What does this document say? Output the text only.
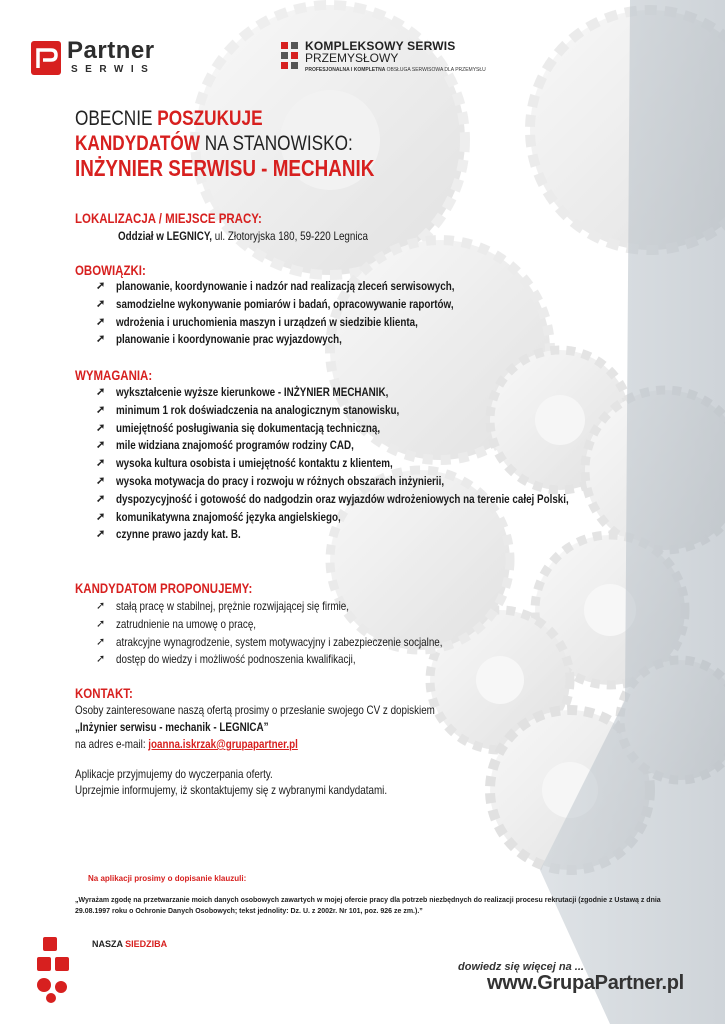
Partner
SERWIS
KOMPLEKSOWY SERWIS
PRZEMYSŁOWY
PROFESJONALNA I KOMPLETNA OBSŁUGA SERWISOWA DLA PRZEMYSŁU
OBECNIE POSZUKUJE
KANDYDATÓW NA STANOWISKO:
INŻYNIER SERWISU - MECHANIK
LOKALIZACJA / MIEJSCE PRACY:
Oddział w LEGNICY, ul. Złotoryjska 180, 59-220 Legnica
OBOWIĄZKI:
➚ planowanie, koordynowanie i nadzór nad realizacją zleceń serwisowych,
➚ samodzielne wykonywanie pomiarów i badań, opracowywanie raportów,
➚ wdrożenia i uruchomienia maszyn i urządzeń w siedzibie klienta,
➚ planowanie i koordynowanie prac wyjazdowych,
WYMAGANIA:
➚ wykształcenie wyższe kierunkowe - INŻYNIER MECHANIK,
➚ minimum 1 rok doświadczenia na analogicznym stanowisku,
➚ umiejętność posługiwania się dokumentacją techniczną,
➚ mile widziana znajomość programów rodziny CAD,
➚ wysoka kultura osobista i umiejętność kontaktu z klientem,
➚ wysoka motywacja do pracy i rozwoju w różnych obszarach inżynierii,
➚ dyspozycyjność i gotowość do nadgodzin oraz wyjazdów wdrożeniowych na terenie całej Polski,
➚ komunikatywna znajomość języka angielskiego,
➚ czynne prawo jazdy kat. B.
KANDYDATOM PROPONUJEMY:
➚ stałą pracę w stabilnej, prężnie rozwijającej się firmie,
➚ zatrudnienie na umowę o pracę,
➚ atrakcyjne wynagrodzenie, system motywacyjny i zabezpieczenie socjalne,
➚ dostęp do wiedzy i możliwość podnoszenia kwalifikacji,
KONTAKT:
Osoby zainteresowane naszą ofertą prosimy o przesłanie swojego CV z dopiskiem
„Inżynier serwisu - mechanik - LEGNICA”
na adres e-mail: joanna.iskrzak@grupapartner.pl
Aplikacje przyjmujemy do wyczerpania oferty.
Uprzejmie informujemy, iż skontaktujemy się z wybranymi kandydatami.
Na aplikacji prosimy o dopisanie klauzuli:
„Wyrażam zgodę na przetwarzanie moich danych osobowych zawartych w mojej ofercie pracy dla potrzeb niezbędnych do realizacji procesu rekrutacji (zgodnie z Ustawą z dnia 29.08.1997 roku o Ochronie Danych Osobowych; tekst jednolity: Dz. U. z 2002r. Nr 101, poz. 926 ze zm.).”
NASZA SIEDZIBA
dowiedz się więcej na ...
www.GrupaPartner.pl
